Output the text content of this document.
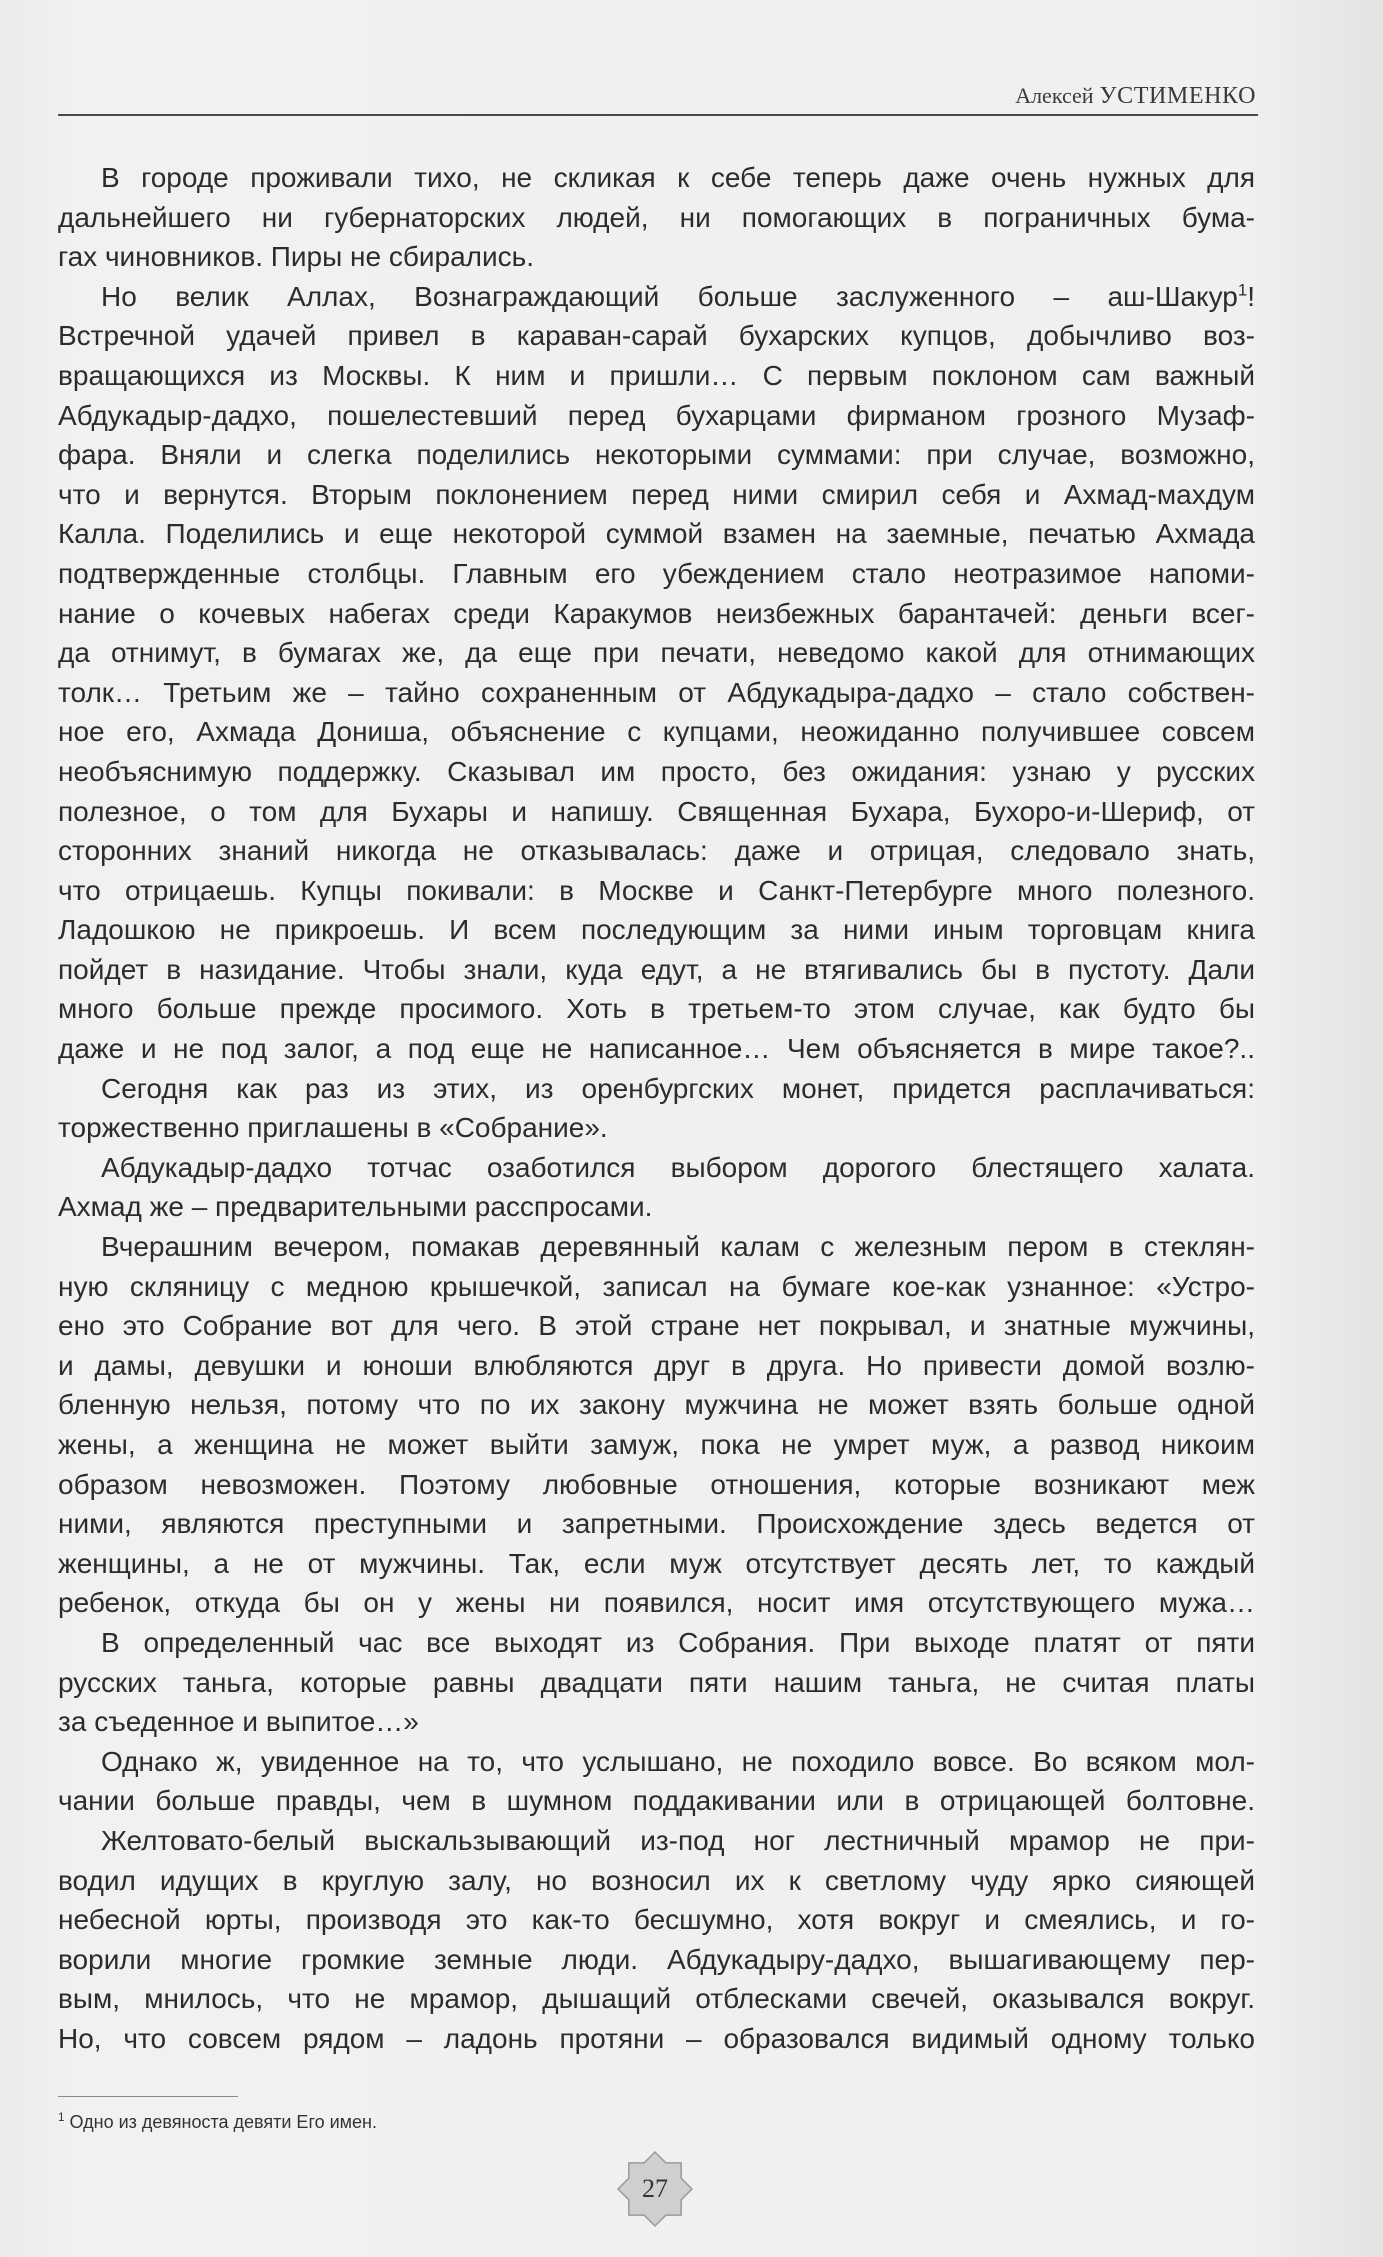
Алексей УСТИМЕНКО
В городе проживали тихо, не скликая к себе теперь даже очень нужных для
дальнейшего ни губернаторских людей, ни помогающих в пограничных бума-
гах чиновников. Пиры не сбирались.
Но велик Аллах, Вознаграждающий больше заслуженного – аш-Шакур$^1$!
Встречной удачей привел в караван-сарай бухарских купцов, добычливо воз-
вращающихся из Москвы. К ним и пришли… С первым поклоном сам важный
Абдукадыр-дадхо, пошелестевший перед бухарцами фирманом грозного Музаф-
фара. Вняли и слегка поделились некоторыми суммами: при случае, возможно,
что и вернутся. Вторым поклонением перед ними смирил себя и Ахмад-махдум
Калла. Поделились и еще некоторой суммой взамен на заемные, печатью Ахмада
подтвержденные столбцы. Главным его убеждением стало неотразимое напоми-
нание о кочевых набегах среди Каракумов неизбежных барантачей: деньги всег-
да отнимут, в бумагах же, да еще при печати, неведомо какой для отнимающих
толк… Третьим же – тайно сохраненным от Абдукадыра-дадхо – стало собствен-
ное его, Ахмада Дониша, объяснение с купцами, неожиданно получившее совсем
необъяснимую поддержку. Сказывал им просто, без ожидания: узнаю у русских
полезное, о том для Бухары и напишу. Священная Бухара, Бухоро-и-Шериф, от
сторонних знаний никогда не отказывалась: даже и отрицая, следовало знать,
что отрицаешь. Купцы покивали: в Москве и Санкт-Петербурге много полезного.
Ладошкою не прикроешь. И всем последующим за ними иным торговцам книга
пойдет в назидание. Чтобы знали, куда едут, а не втягивались бы в пустоту. Дали
много больше прежде просимого. Хоть в третьем-то этом случае, как будто бы
даже и не под залог, а под еще не написанное… Чем объясняется в мире такое?..
Сегодня как раз из этих, из оренбургских монет, придется расплачиваться:
торжественно приглашены в «Собрание».
Абдукадыр-дадхо тотчас озаботился выбором дорогого блестящего халата.
Ахмад же – предварительными расспросами.
Вчерашним вечером, помакав деревянный калам с железным пером в стеклян-
ную скляницу с медною крышечкой, записал на бумаге кое-как узнанное: «Устро-
ено это Собрание вот для чего. В этой стране нет покрывал, и знатные мужчины,
и дамы, девушки и юноши влюбляются друг в друга. Но привести домой возлю-
бленную нельзя, потому что по их закону мужчина не может взять больше одной
жены, а женщина не может выйти замуж, пока не умрет муж, а развод никоим
образом невозможен. Поэтому любовные отношения, которые возникают меж
ними, являются преступными и запретными. Происхождение здесь ведется от
женщины, а не от мужчины. Так, если муж отсутствует десять лет, то каждый
ребенок, откуда бы он у жены ни появился, носит имя отсутствующего мужа…
В определенный час все выходят из Собрания. При выходе платят от пяти
русских таньга, которые равны двадцати пяти нашим таньга, не считая платы
за съеденное и выпитое…»
Однако ж, увиденное на то, что услышано, не походило вовсе. Во всяком мол-
чании больше правды, чем в шумном поддакивании или в отрицающей болтовне.
Желтовато-белый выскальзывающий из-под ног лестничный мрамор не при-
водил идущих в круглую залу, но возносил их к светлому чуду ярко сияющей
небесной юрты, производя это как-то бесшумно, хотя вокруг и смеялись, и го-
ворили многие громкие земные люди. Абдукадыру-дадхо, вышагивающему пер-
вым, мнилось, что не мрамор, дышащий отблесками свечей, оказывался вокруг.
Но, что совсем рядом – ладонь протяни – образовался видимый одному только
$^1$ Одно из девяноста девяти Его имен.
27
